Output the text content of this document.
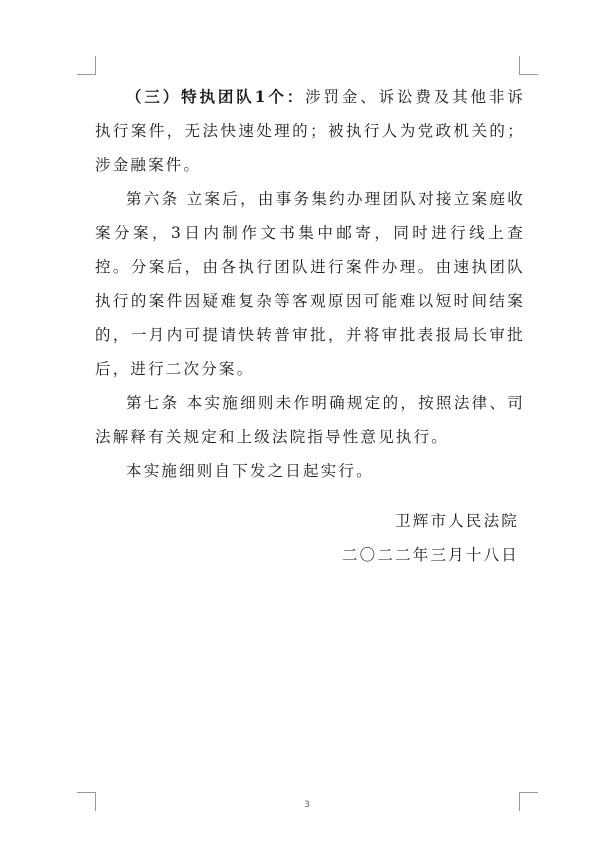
（三）特执团队1个：涉罚金、诉讼费及其他非诉执行案件，无法快速处理的；被执行人为党政机关的；涉金融案件。

第六条 立案后，由事务集约办理团队对接立案庭收案分案，3日内制作文书集中邮寄，同时进行线上查控。分案后，由各执行团队进行案件办理。由速执团队执行的案件因疑难复杂等客观原因可能难以短时间结案的，一月内可提请快转普审批，并将审批表报局长审批后，进行二次分案。

第七条 本实施细则未作明确规定的，按照法律、司法解释有关规定和上级法院指导性意见执行。

本实施细则自下发之日起实行。

卫辉市人民法院
二〇二二年三月十八日
3
